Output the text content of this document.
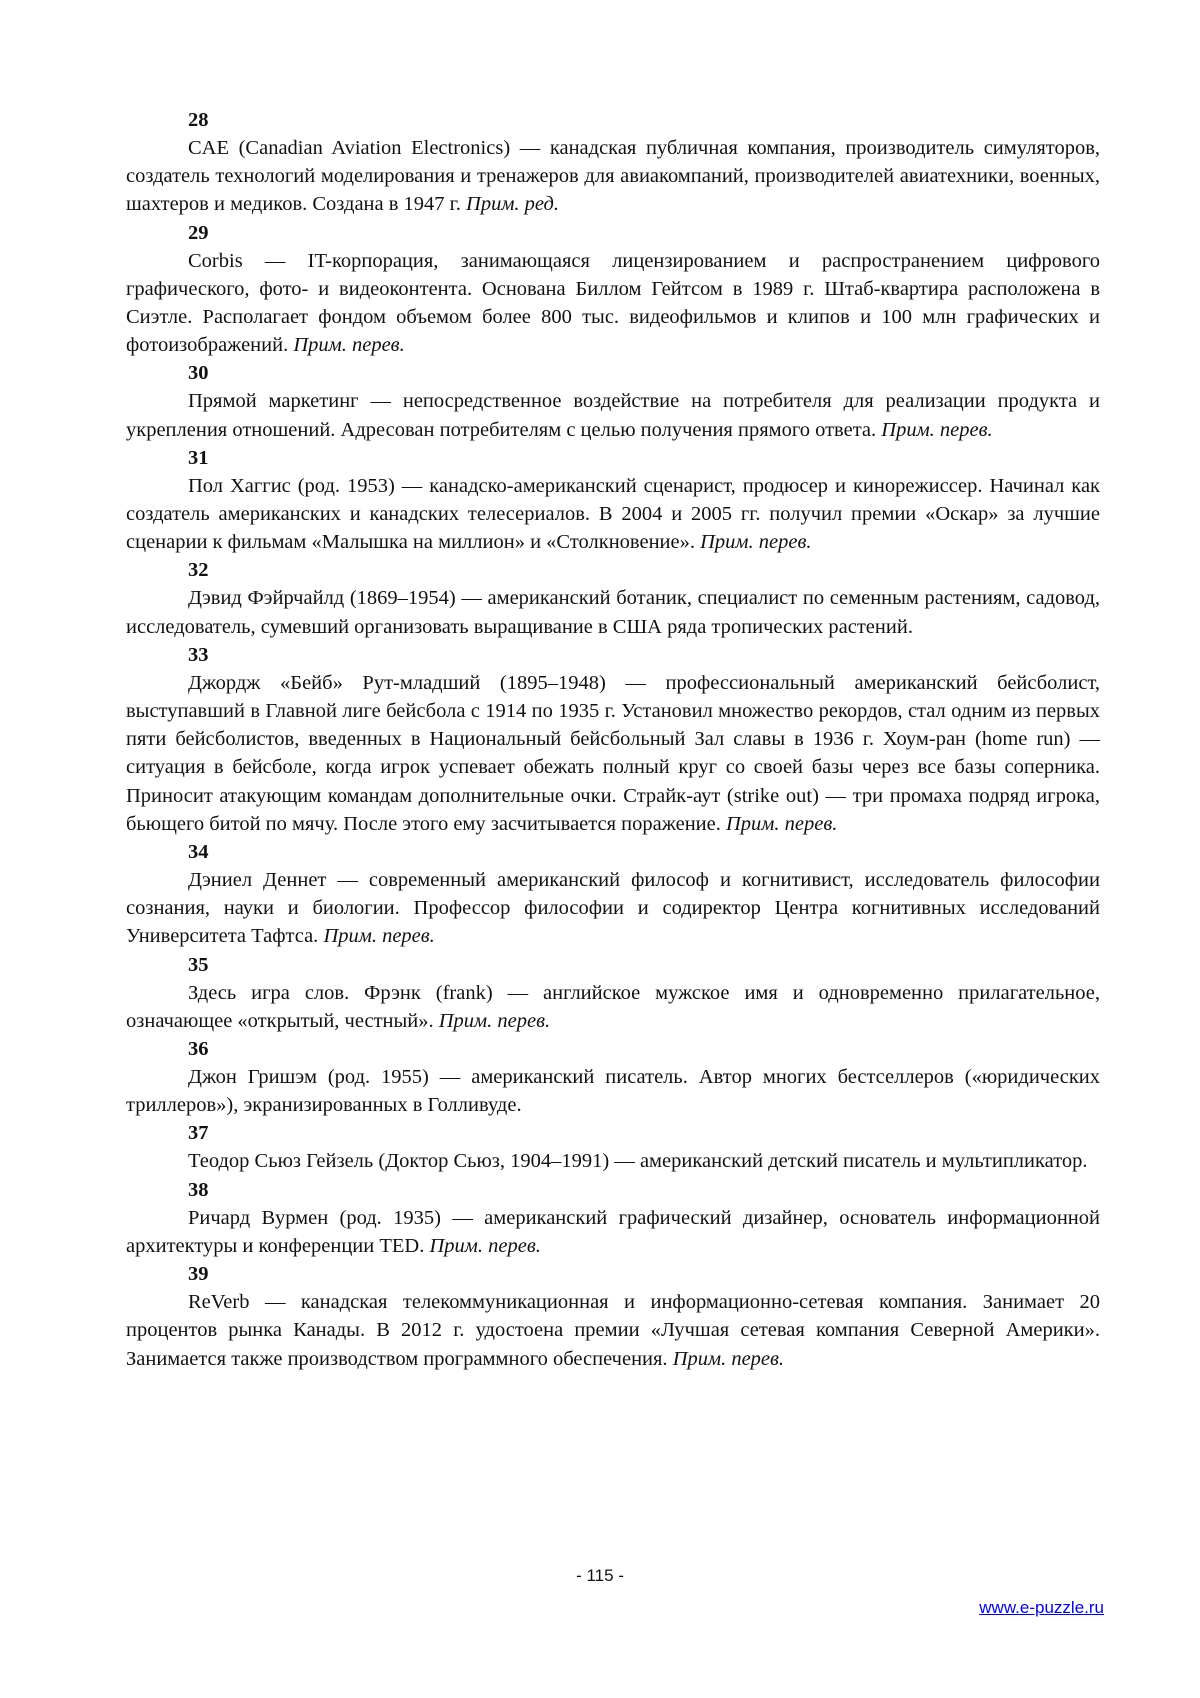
28
CAE (Canadian Aviation Electronics) — канадская публичная компания, производитель симуляторов, создатель технологий моделирования и тренажеров для авиакомпаний, производителей авиатехники, военных, шахтеров и медиков. Создана в 1947 г. Прим. ред.
29
Corbis — IT-корпорация, занимающаяся лицензированием и распространением цифрового графического, фото- и видеоконтента. Основана Биллом Гейтсом в 1989 г. Штаб-квартира расположена в Сиэтле. Располагает фондом объемом более 800 тыс. видеофильмов и клипов и 100 млн графических и фотоизображений. Прим. перев.
30
Прямой маркетинг — непосредственное воздействие на потребителя для реализации продукта и укрепления отношений. Адресован потребителям с целью получения прямого ответа. Прим. перев.
31
Пол Хаггис (род. 1953) — канадско-американский сценарист, продюсер и кинорежиссер. Начинал как создатель американских и канадских телесериалов. В 2004 и 2005 гг. получил премии «Оскар» за лучшие сценарии к фильмам «Малышка на миллион» и «Столкновение». Прим. перев.
32
Дэвид Фэйрчайлд (1869–1954) — американский ботаник, специалист по семенным растениям, садовод, исследователь, сумевший организовать выращивание в США ряда тропических растений.
33
Джордж «Бейб» Рут-младший (1895–1948) — профессиональный американский бейсболист, выступавший в Главной лиге бейсбола с 1914 по 1935 г. Установил множество рекордов, стал одним из первых пяти бейсболистов, введенных в Национальный бейсбольный Зал славы в 1936 г. Хоум-ран (home run) — ситуация в бейсболе, когда игрок успевает обежать полный круг со своей базы через все базы соперника. Приносит атакующим командам дополнительные очки. Страйк-аут (strike out) — три промаха подряд игрока, бьющего битой по мячу. После этого ему засчитывается поражение. Прим. перев.
34
Дэниел Деннет — современный американский философ и когнитивист, исследователь философии сознания, науки и биологии. Профессор философии и содиректор Центра когнитивных исследований Университета Тафтса. Прим. перев.
35
Здесь игра слов. Фрэнк (frank) — английское мужское имя и одновременно прилагательное, означающее «открытый, честный». Прим. перев.
36
Джон Гришэм (род. 1955) — американский писатель. Автор многих бестселлеров («юридических триллеров»), экранизированных в Голливуде.
37
Теодор Сьюз Гейзель (Доктор Сьюз, 1904–1991) — американский детский писатель и мультипликатор.
38
Ричард Вурмен (род. 1935) — американский графический дизайнер, основатель информационной архитектуры и конференции TED. Прим. перев.
39
ReVerb — канадская телекоммуникационная и информационно-сетевая компания. Занимает 20 процентов рынка Канады. В 2012 г. удостоена премии «Лучшая сетевая компания Северной Америки». Занимается также производством программного обеспечения. Прим. перев.
- 115 -
www.e-puzzle.ru
